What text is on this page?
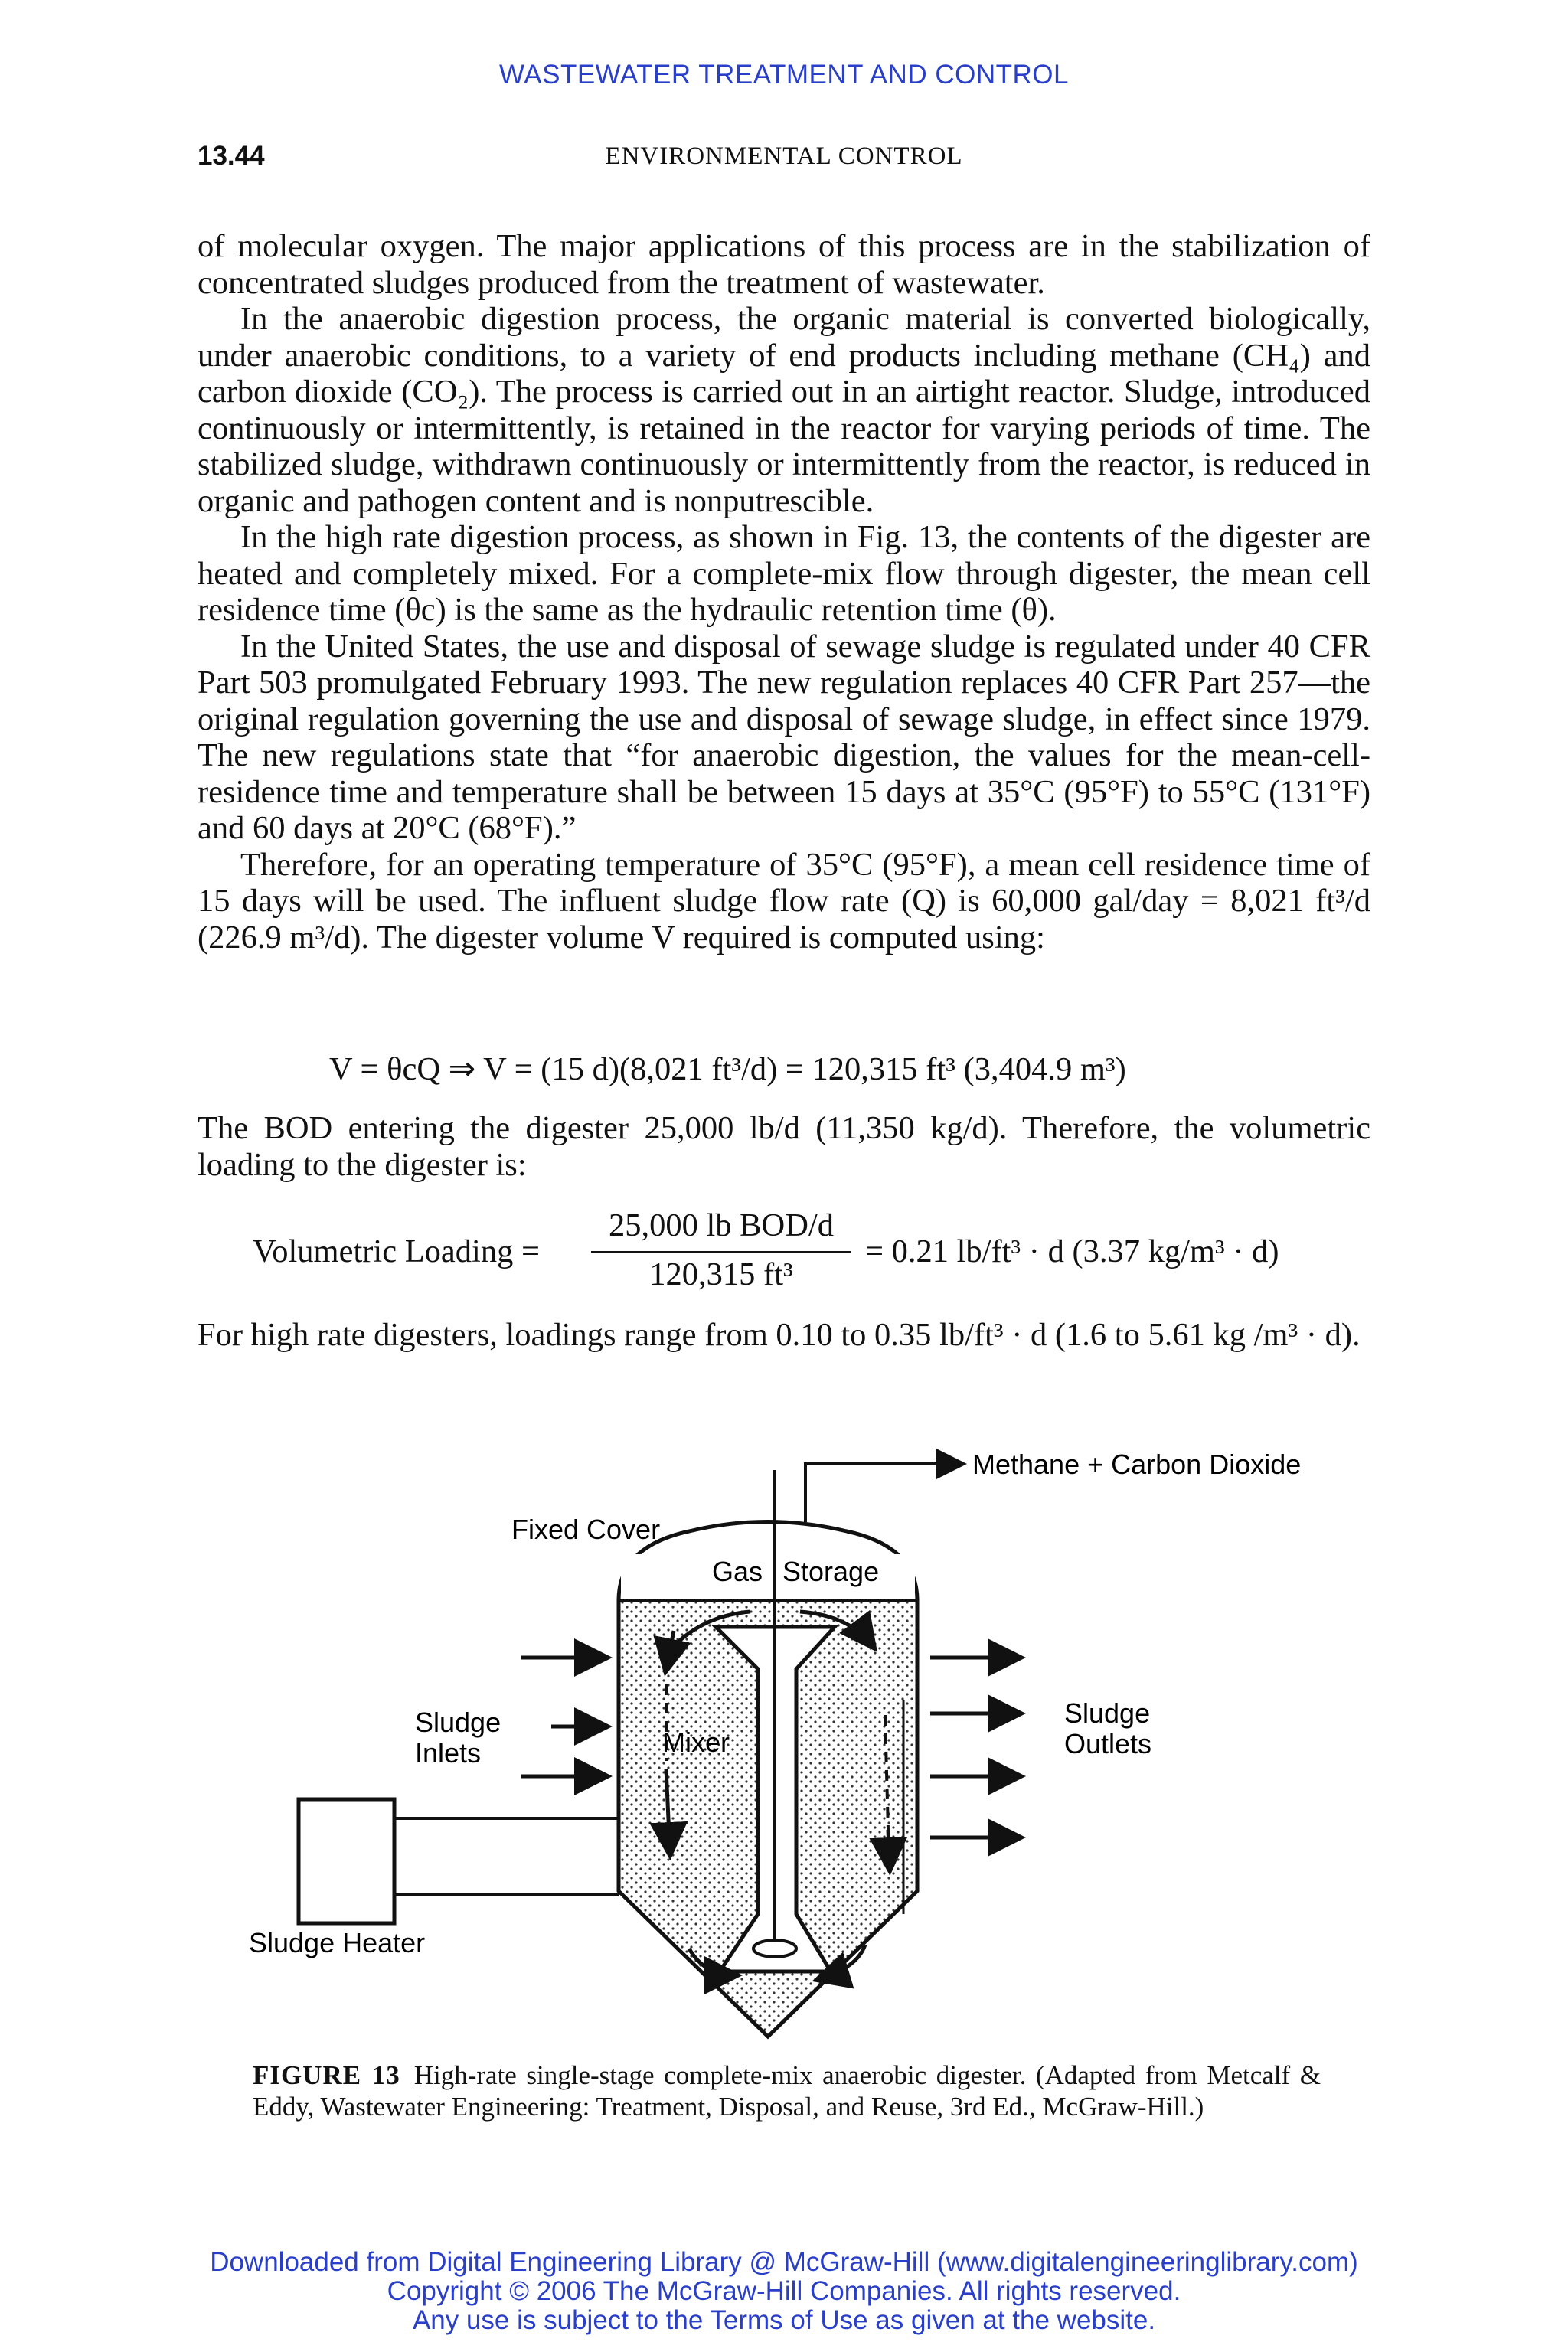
WASTEWATER TREATMENT AND CONTROL
13.44	ENVIRONMENTAL CONTROL

of molecular oxygen. The major applications of this process are in the stabilization of concentrated sludges produced from the treatment of wastewater.

In the anaerobic digestion process, the organic material is converted biologically, under anaerobic conditions, to a variety of end products including methane (CH₄) and carbon dioxide (CO₂). The process is carried out in an airtight reactor. Sludge, introduced continuously or intermittently, is retained in the reactor for varying periods of time. The stabilized sludge, withdrawn continuously or intermittently from the reactor, is reduced in organic and pathogen content and is nonputrescible.

In the high rate digestion process, as shown in Fig. 13, the contents of the digester are heated and completely mixed. For a complete-mix flow through digester, the mean cell residence time (θc) is the same as the hydraulic retention time (θ).

In the United States, the use and disposal of sewage sludge is regulated under 40 CFR Part 503 promulgated February 1993. The new regulation replaces 40 CFR Part 257—the original regulation governing the use and disposal of sewage sludge, in effect since 1979. The new regulations state that “for anaerobic digestion, the values for the mean-cell-residence time and temperature shall be between 15 days at 35°C (95°F) to 55°C (131°F) and 60 days at 20°C (68°F).”

Therefore, for an operating temperature of 35°C (95°F), a mean cell residence time of 15 days will be used. The influent sludge flow rate (Q) is 60,000 gal/day = 8,021 ft³/d (226.9 m³/d). The digester volume V required is computed using:

V = θcQ ⇒ V = (15 d)(8,021 ft³/d) = 120,315 ft³ (3,404.9 m³)
The BOD entering the digester 25,000 lb/d (11,350 kg/d). Therefore, the volumetric loading to the digester is:
Volumetric Loading =
25,000 lb BOD/d
120,315 ft³
= 0.21 lb/ft³ · d (3.37 kg/m³ · d)
For high rate digesters, loadings range from 0.10 to 0.35 lb/ft³ · d (1.6 to 5.61 kg /m³ · d).
Methane + Carbon Dioxide
Fixed Cover
Gas Storage
Sludge
Inlets
Sludge
Outlets
Mixer
Sludge Heater
FIGURE 13 High-rate single-stage complete-mix anaerobic digester. (Adapted from Metcalf & Eddy, Wastewater Engineering: Treatment, Disposal, and Reuse, 3rd Ed., McGraw-Hill.)
Downloaded from Digital Engineering Library @ McGraw-Hill (www.digitalengineeringlibrary.com)
Copyright © 2006 The McGraw-Hill Companies. All rights reserved.
Any use is subject to the Terms of Use as given at the website.
